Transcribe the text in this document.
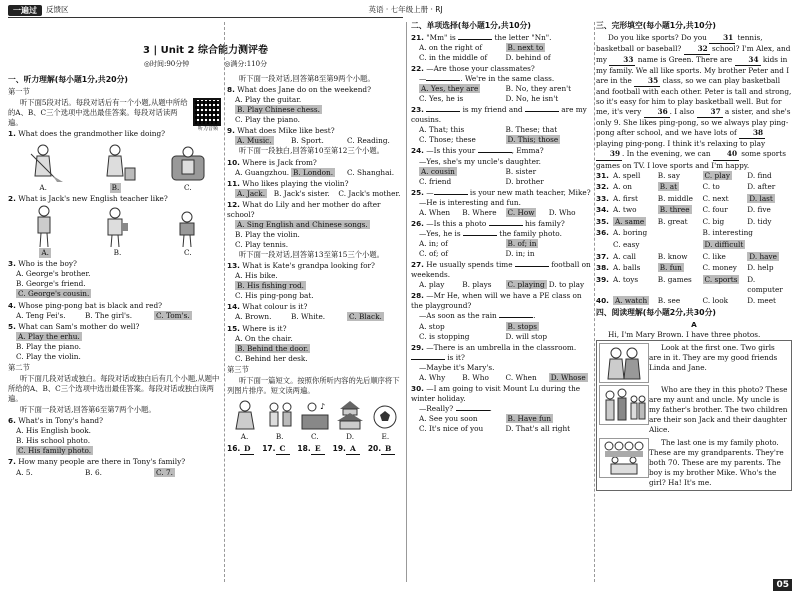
一遍过	反馈区	英语 · 七年级上册 · RJ
3 | Unit 2 综合能力测评卷
◎时间:90分钟　　　　　◎满分:110分
一、听力理解(每小题1分,共20分)
第一节
听力音频

听下面5段对话。每段对话后有一个小题,从题中所给的A、B、C三个选项中选出最佳答案。每段对话读两遍。

1. What does the grandmother like doing?
A.	B.	C.
2. What is Jack's new English teacher like?
A.	B.	C.
3. Who is the boy?
A. George's brother.
B. George's friend.
C. George's cousin.
4. Whose ping-pong bat is black and red?
A. Teng Fei's.	B. The girl's.	C. Tom's.
5. What can Sam's mother do well?
A. Play the erhu.
B. Play the piano.
C. Play the violin.
第二节

听下面几段对话或独白。每段对话或独白后有几个小题,从题中所给的A、B、C三个选项中选出最佳答案。每段对话或独白读两遍。

听下面一段对话,回答第6至第7两个小题。

6. What's in Tony's hand?
A. His English book.
B. His school photo.
C. His family photo.
7. How many people are there in Tony's family?
A. 5.	B. 6.	C. 7.

听下面一段对话,回答第8至第9两个小题。

8. What does Jane do on the weekend?
A. Play the guitar.
B. Play Chinese chess.
C. Play the piano.
9. What does Mike like best?
A. Music.	B. Sport.	C. Reading.

听下面一段独白,回答第10至第12三个小题。

10. Where is Jack from?
A. Guangzhou. B. London.	C. Shanghai.
11. Who likes playing the violin?
A. Jack.	B. Jack's sister.	C. Jack's mother.
12. What do Lily and her mother do after school?
A. Sing English and Chinese songs.
B. Play the violin.
C. Play tennis.

听下面一段对话,回答第13至第15三个小题。

13. What is Kate's grandpa looking for?
A. His bike.
B. His fishing rod.
C. His ping-pong bat.
14. What colour is it?
A. Brown.	B. White.	C. Black.
15. Where is it?
A. On the chair.
B. Behind the door.
C. Behind her desk.
第三节

听下面一篇短文。按照你所听内容的先后顺序将下列图片排序。短文读两遍。

♪
A.	B.	C.	D.	E.
16. D	17. C	18. E	19. A	20. B
二、单项选择(每小题1分,共10分)
21. "Mm" is	the letter "Nn".
A. on the right of	B. next to
C. in the middle of	D. behind of
22. —Are those your classmates?
—	. We're in the same class.
A. Yes, they are	B. No, they aren't
C. Yes, he is	D. No, he isn't
23.	is my friend and	are my cousins.
A. That; this	B. These; that
C. Those; these	D. This; those
24. —Is this your	, Emma?
—Yes, she's my uncle's daughter.
A. cousin	B. sister
C. friend	D. brother
25. —	is your new math teacher, Mike?
—He is interesting and fun.
A. When	B. Where	C. How	D. Who
26. —Is this a photo	his family?
—Yes, he is	the family photo.
A. in; of	B. of; in
C. of; of	D. in; in
27. He usually spends time	football on weekends.
A. play	B. plays	C. playing D. to play
28. —Mr He, when will we have a PE class on the playground?
—As soon as the rain	.
A. stop	B. stops
C. is stopping	D. will stop
29. —There is an umbrella in the classroom.  is it?
—Maybe it's Mary's.
A. Why	B. Who	C. When	D. Whose
30. —I am going to visit Mount Lu during the winter holiday.
—Really?	.
A. See you soon	B. Have fun
C. It's nice of you	D. That's all right
三、完形填空(每小题1分,共10分)

Do you like sports? Do you 31 tennis, basketball or baseball? 32 school? I'm Alex, and my 33 name is Green. There are 34 kids in my family. We all like sports. My brother Peter and I are in the 35 class, so we can play basketball and football with each other. Peter is tall and strong, so it's easy for him to play basketball well. But for me, it's very 36 . I also 37 a sister, and she's only 9. She likes ping-pong, so we always play ping-pong after school, and we have lots of 38 playing ping-pong. I think it's relaxing to play 39 . In the evening, we can 40 some sports games on TV. I love sports and I'm happy.

31. A. spell	B. say	C. play	D. find
32. A. on	B. at	C. to	D. after
33. A. first	B. middle	C. next	D. last
34. A. two	B. three	C. four	D. five
35. A. same	B. great	C. big	D. tidy
36. A. boring	B. interesting
C. easy	D. difficult
37. A. call	B. know	C. like	D. have
38. A. balls	B. fun	C. money	D. help
39. A. toys	B. games	C. sports	D. computer
40. A. watch	B. see	C. look	D. meet
四、阅读理解(每小题2分,共30分)
A

Hi, I'm Mary Brown. I have three photos.

Look at the first one. Two girls are in it. They are my good friends Linda and Jane.

Who are they in this photo? These are my aunt and uncle. My uncle is my father's brother. The two children are their son Jack and their daughter Alice.

The last one is my family photo. These are my grandparents. They're both 70. These are my parents. The boy is my brother Mike. Who's the girl? Ha! It's me.

05
